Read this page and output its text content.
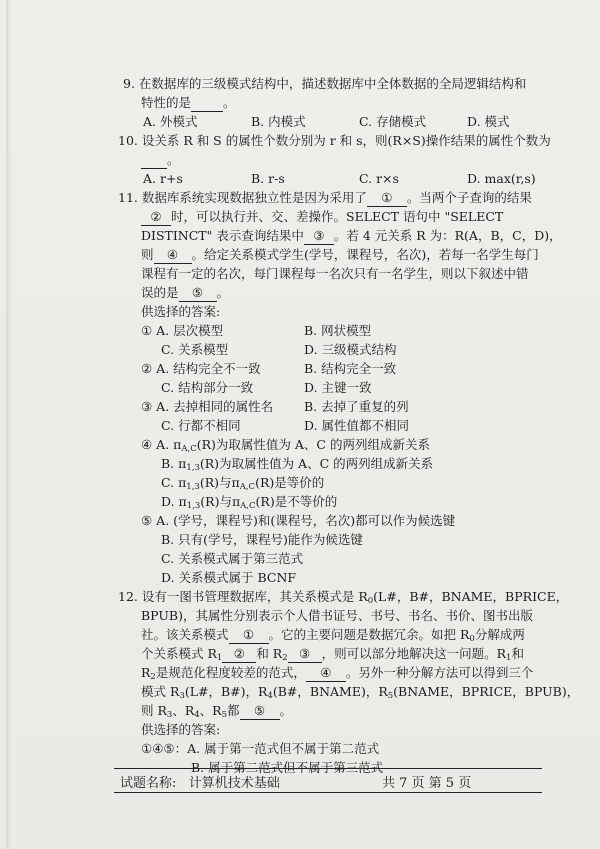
9. 在数据库的三级模式结构中，描述数据库中全体数据的全局逻辑结构和
特性的是	。
A. 外模式	B. 内模式	C. 存储模式	D. 模式
10. 设关系 R 和 S 的属性个数分别为 r 和 s，则(R×S)操作结果的属性个数为
。
A. r+s	B. r-s	C. r×s	D. max(r,s)
11. 数据库系统实现数据独立性是因为采用了 ① 。当两个子查询的结果
② 时，可以执行并、交、差操作。SELECT 语句中 "SELECT
DISTINCT" 表示查询结果中 ③ 。若 4 元关系 R 为：R(A，B，C，D)，
则 ④ 。给定关系模式学生(学号，课程号，名次)，若每一名学生每门
课程有一定的名次，每门课程每一名次只有一名学生，则以下叙述中错
误的是 ⑤ 。
供选择的答案:
① A. 层次模型	B. 网状模型
C. 关系模型	D. 三级模式结构
② A. 结构完全不一致	B. 结构完全一致
C. 结构部分一致	D. 主键一致
③ A. 去掉相同的属性名 B. 去掉了重复的列
C. 行都不相同	D. 属性值都不相同
④ A. $\pi_{A,C}(R)$为取属性值为 A、C 的两列组成新关系
B. $\pi_{1,3}(R)$为取属性值为 A、C 的两列组成新关系
C. $\pi_{1,3}(R)$与$\pi_{A,C}(R)$是等价的
D. $\pi_{1,3}(R)$与$\pi_{A,C}(R)$是不等价的
⑤ A. (学号，课程号)和(课程号，名次)都可以作为候选键
B. 只有(学号，课程号)能作为候选键
C. 关系模式属于第三范式
D. 关系模式属于 BCNF
12. 设有一图书管理数据库，其关系模式是 $R_0(L\#$，B#，BNAME，BPRICE，
BPUB)，其属性分别表示个人借书证号、书号、书名、书价、图书出版
社。该关系模式 ① 。它的主要问题是数据冗余。如把 $R_0$分解成两
个关系模式 $R_1$ ② 和 $R_2$ ③ ，则可以部分地解决这一问题。$R_1$和
$R_2$是规范化程度较差的范式， ④ 。另外一种分解方法可以得到三个
模式 $R_3(L\#$，B#)，$R_4(B\#$，BNAME)，$R_5(BNAME$，BPRICE，BPUB)，
则 $R_3$、$R_4$、$R_5$都 ⑤ 。
供选择的答案:
①④⑤：A. 属于第一范式但不属于第二范式
B. 属于第二范式但不属于第三范式
试题名称: 计算机技术基础	共 7 页 第 5 页
